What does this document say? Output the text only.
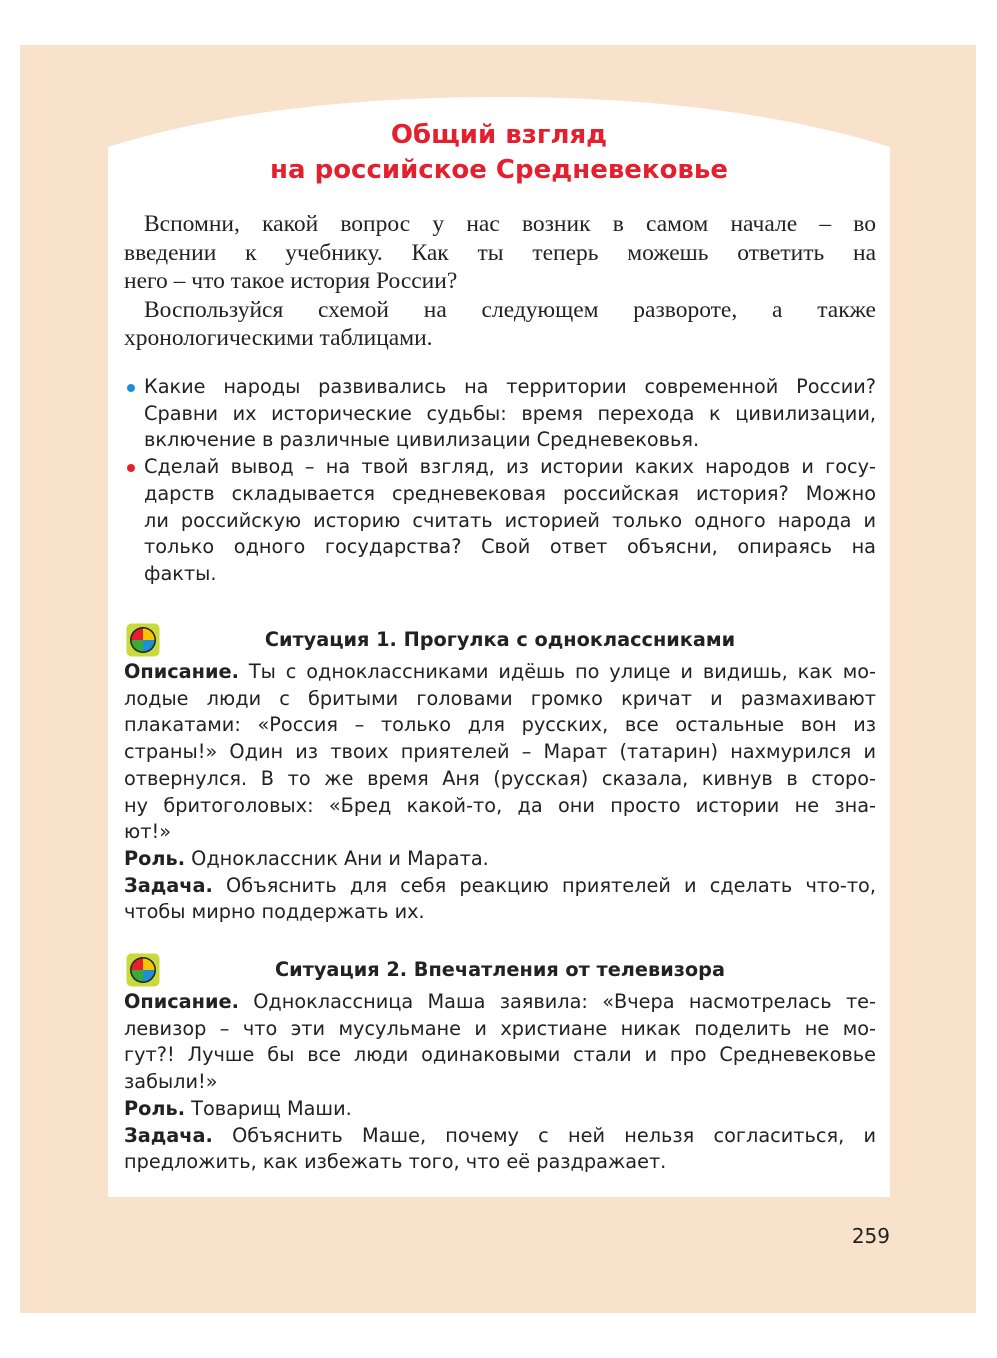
Общий взгляд
на российское Средневековье

Вспомни, какой вопрос у нас возник в самом начале – во
введении к учебнику. Как ты теперь можешь ответить на
него – что такое история России?

Воспользуйся схемой на следующем развороте, а также
хронологическими таблицами.

Какие народы развивались на территории современной России?
Сравни их исторические судьбы: время перехода к цивилизации,
включение в различные цивилизации Средневековья.
Сделай вывод – на твой взгляд, из истории каких народов и госу-
дарств складывается средневековая российская история? Можно
ли российскую историю считать историей только одного народа и
только одного государства? Свой ответ объясни, опираясь на
факты.
Ситуация 1. Прогулка с одноклассниками
Описание. Ты с одноклассниками идёшь по улице и видишь, как мо-
лодые люди с бритыми головами громко кричат и размахивают
плакатами: «Россия – только для русских, все остальные вон из
страны!» Один из твоих приятелей – Марат (татарин) нахмурился и
отвернулся. В то же время Аня (русская) сказала, кивнув в сторо-
ну бритоголовых: «Бред какой-то, да они просто истории не зна-
ют!»
Роль. Одноклассник Ани и Марата.
Задача. Объяснить для себя реакцию приятелей и сделать что-то,
чтобы мирно поддержать их.
Ситуация 2. Впечатления от телевизора
Описание. Одноклассница Маша заявила: «Вчера насмотрелась те-
левизор – что эти мусульмане и христиане никак поделить не мо-
гут?! Лучше бы все люди одинаковыми стали и про Средневековье
забыли!»
Роль. Товарищ Маши.
Задача. Объяснить Маше, почему с ней нельзя согласиться, и
предложить, как избежать того, что её раздражает.
259
